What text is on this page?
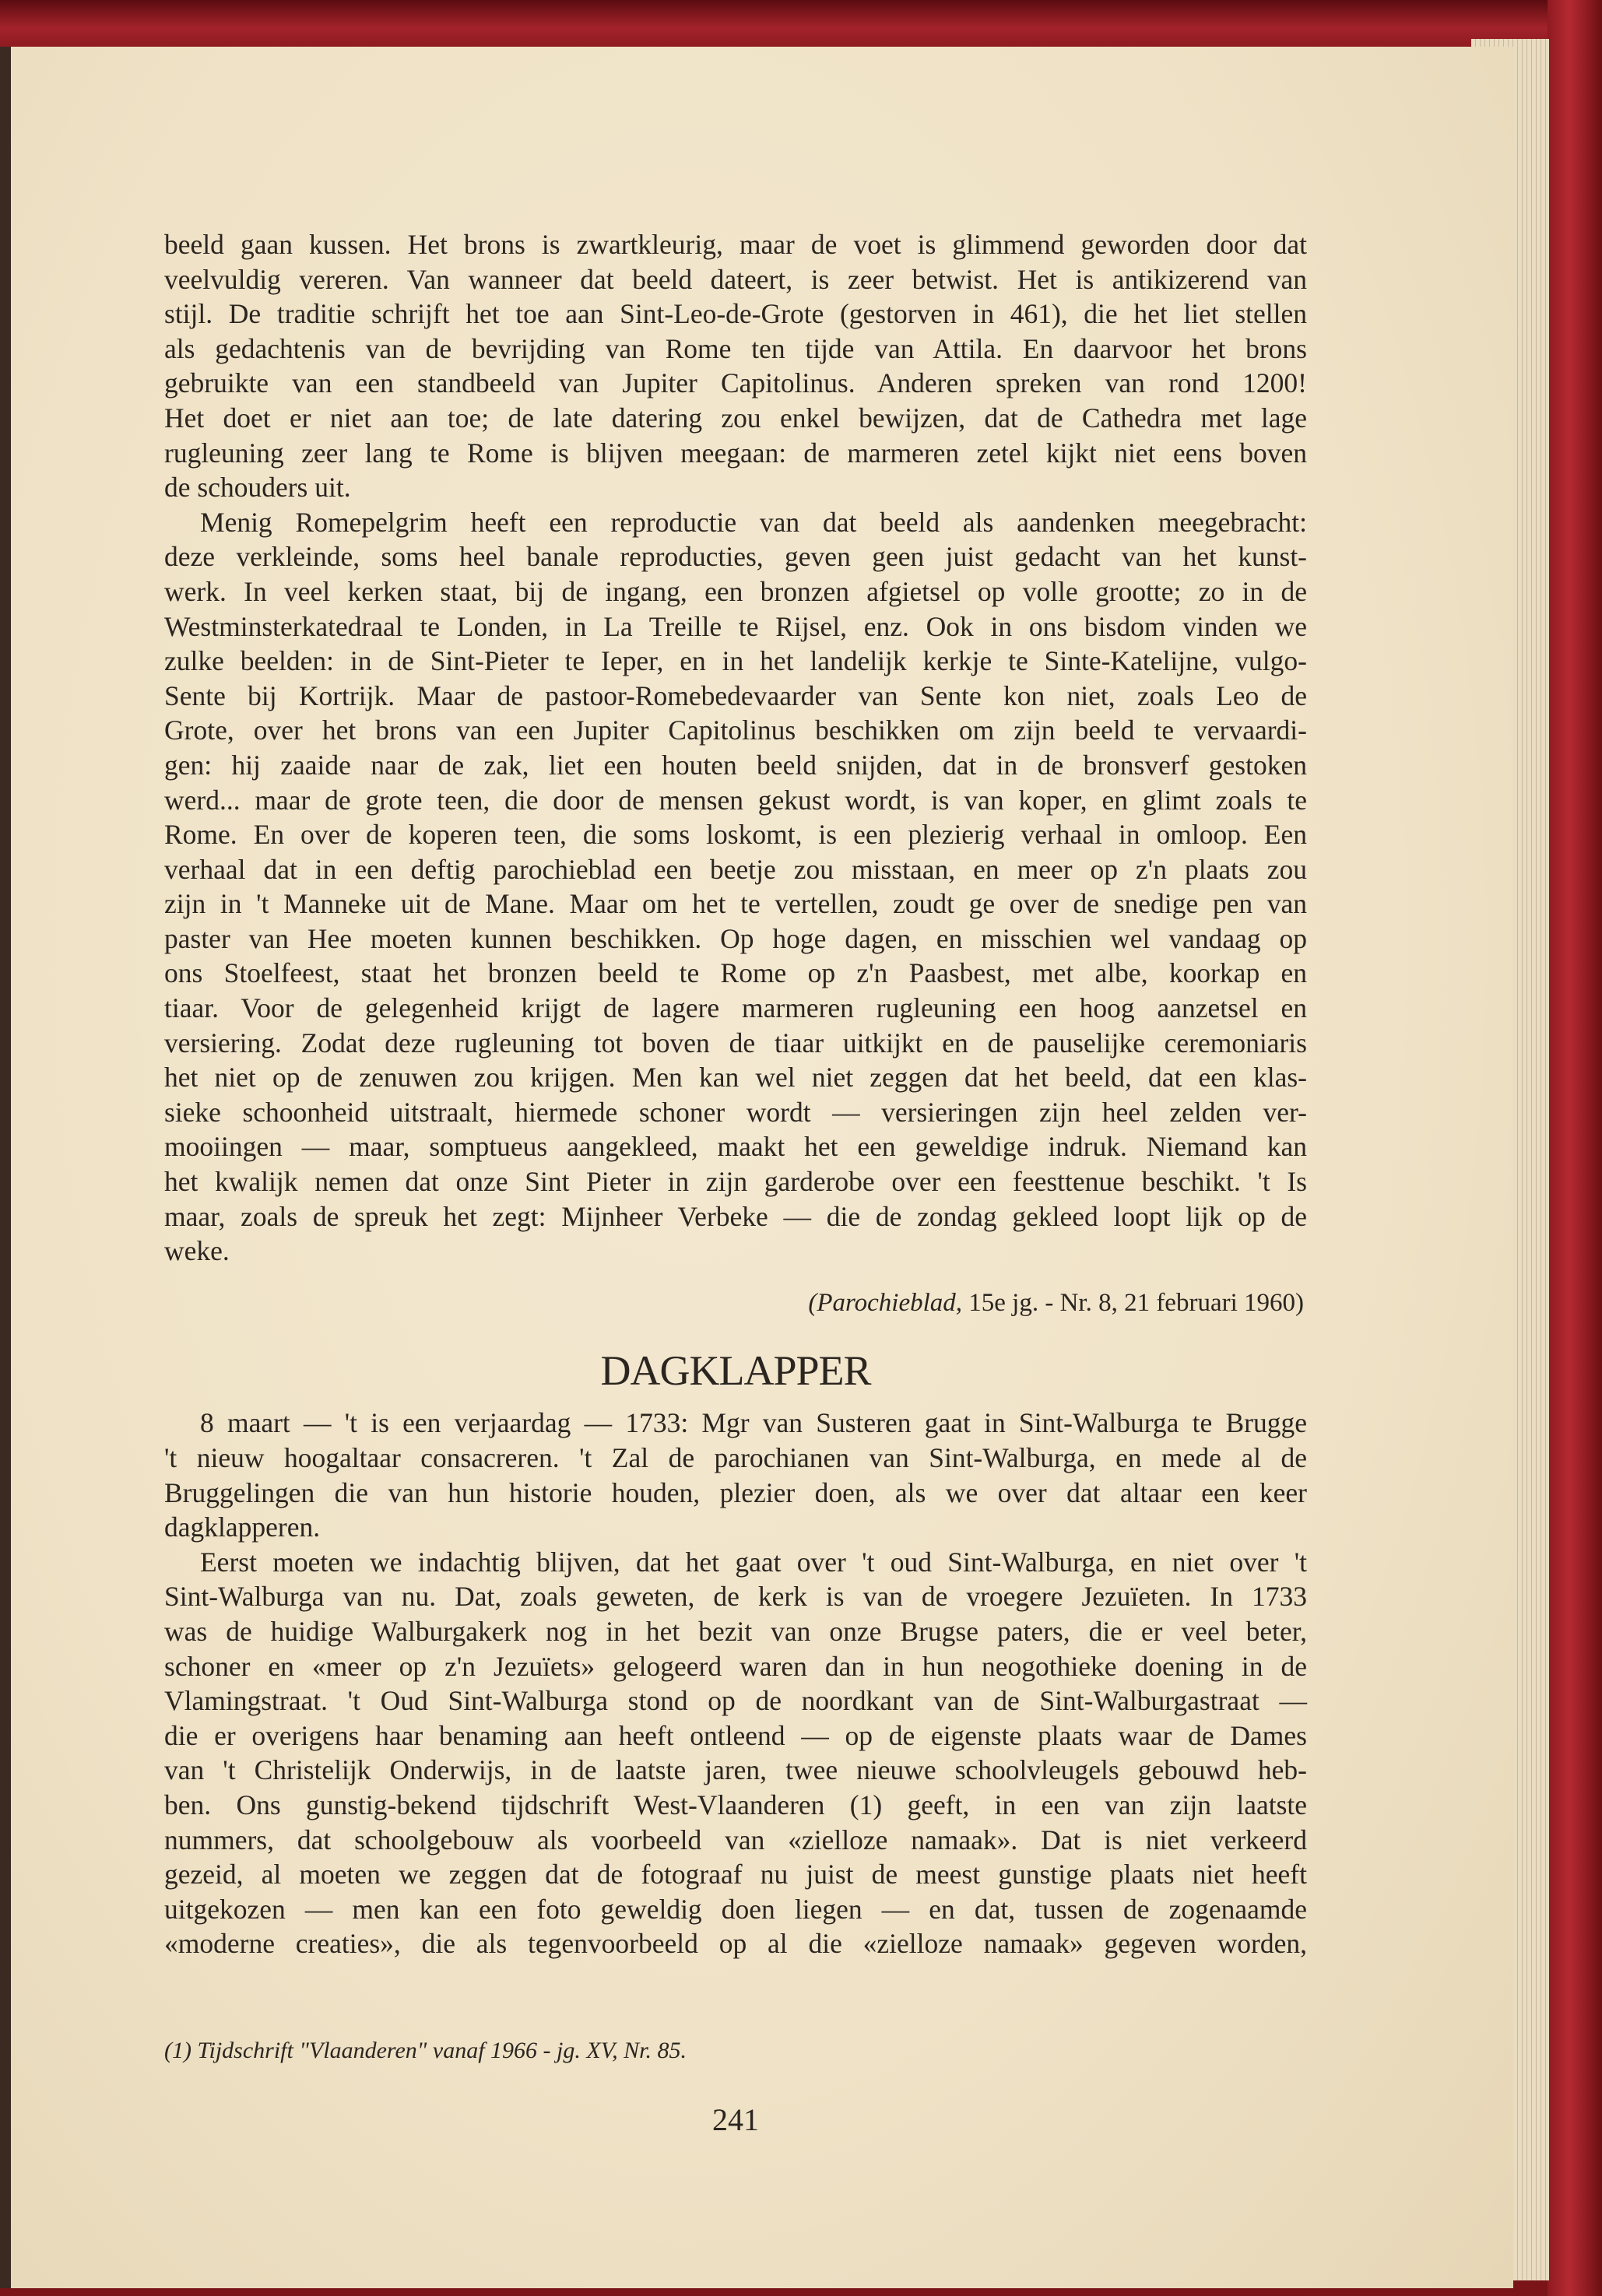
beeld gaan kussen. Het brons is zwartkleurig, maar de voet is glimmend geworden door dat
veelvuldig vereren. Van wanneer dat beeld dateert, is zeer betwist. Het is antikizerend van
stijl. De traditie schrijft het toe aan Sint-Leo-de-Grote (gestorven in 461), die het liet stellen
als gedachtenis van de bevrijding van Rome ten tijde van Attila. En daarvoor het brons
gebruikte van een standbeeld van Jupiter Capitolinus. Anderen spreken van rond 1200!
Het doet er niet aan toe; de late datering zou enkel bewijzen, dat de Cathedra met lage
rugleuning zeer lang te Rome is blijven meegaan: de marmeren zetel kijkt niet eens boven
de schouders uit.
Menig Romepelgrim heeft een reproductie van dat beeld als aandenken meegebracht:
deze verkleinde, soms heel banale reproducties, geven geen juist gedacht van het kunst-
werk. In veel kerken staat, bij de ingang, een bronzen afgietsel op volle grootte; zo in de
Westminsterkatedraal te Londen, in La Treille te Rijsel, enz. Ook in ons bisdom vinden we
zulke beelden: in de Sint-Pieter te Ieper, en in het landelijk kerkje te Sinte-Katelijne, vulgo-
Sente bij Kortrijk. Maar de pastoor-Romebedevaarder van Sente kon niet, zoals Leo de
Grote, over het brons van een Jupiter Capitolinus beschikken om zijn beeld te vervaardi-
gen: hij zaaide naar de zak, liet een houten beeld snijden, dat in de bronsverf gestoken
werd... maar de grote teen, die door de mensen gekust wordt, is van koper, en glimt zoals te
Rome. En over de koperen teen, die soms loskomt, is een plezierig verhaal in omloop. Een
verhaal dat in een deftig parochieblad een beetje zou misstaan, en meer op z'n plaats zou
zijn in 't Manneke uit de Mane. Maar om het te vertellen, zoudt ge over de snedige pen van
paster van Hee moeten kunnen beschikken. Op hoge dagen, en misschien wel vandaag op
ons Stoelfeest, staat het bronzen beeld te Rome op z'n Paasbest, met albe, koorkap en
tiaar. Voor de gelegenheid krijgt de lagere marmeren rugleuning een hoog aanzetsel en
versiering. Zodat deze rugleuning tot boven de tiaar uitkijkt en de pauselijke ceremoniaris
het niet op de zenuwen zou krijgen. Men kan wel niet zeggen dat het beeld, dat een klas-
sieke schoonheid uitstraalt, hiermede schoner wordt — versieringen zijn heel zelden ver-
mooiingen — maar, somptueus aangekleed, maakt het een geweldige indruk. Niemand kan
het kwalijk nemen dat onze Sint Pieter in zijn garderobe over een feesttenue beschikt. 't Is
maar, zoals de spreuk het zegt: Mijnheer Verbeke — die de zondag gekleed loopt lijk op de
weke.
(Parochieblad, 15e jg. - Nr. 8, 21 februari 1960)
DAGKLAPPER
8 maart — 't is een verjaardag — 1733: Mgr van Susteren gaat in Sint-Walburga te Brugge
't nieuw hoogaltaar consacreren. 't Zal de parochianen van Sint-Walburga, en mede al de
Bruggelingen die van hun historie houden, plezier doen, als we over dat altaar een keer
dagklapperen.
Eerst moeten we indachtig blijven, dat het gaat over 't oud Sint-Walburga, en niet over 't
Sint-Walburga van nu. Dat, zoals geweten, de kerk is van de vroegere Jezuïeten. In 1733
was de huidige Walburgakerk nog in het bezit van onze Brugse paters, die er veel beter,
schoner en «meer op z'n Jezuïets» gelogeerd waren dan in hun neogothieke doening in de
Vlamingstraat. 't Oud Sint-Walburga stond op de noordkant van de Sint-Walburgastraat —
die er overigens haar benaming aan heeft ontleend — op de eigenste plaats waar de Dames
van 't Christelijk Onderwijs, in de laatste jaren, twee nieuwe schoolvleugels gebouwd heb-
ben. Ons gunstig-bekend tijdschrift West-Vlaanderen (1) geeft, in een van zijn laatste
nummers, dat schoolgebouw als voorbeeld van «zielloze namaak». Dat is niet verkeerd
gezeid, al moeten we zeggen dat de fotograaf nu juist de meest gunstige plaats niet heeft
uitgekozen — men kan een foto geweldig doen liegen — en dat, tussen de zogenaamde
«moderne creaties», die als tegenvoorbeeld op al die «zielloze namaak» gegeven worden,
(1) Tijdschrift "Vlaanderen" vanaf 1966 - jg. XV, Nr. 85.
241
